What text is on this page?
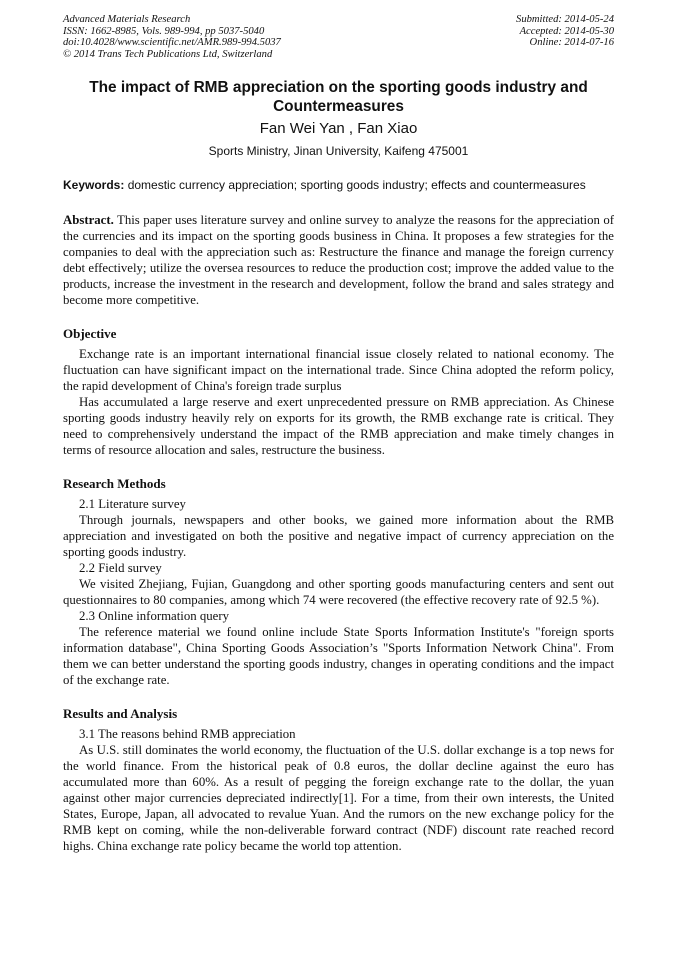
Advanced Materials Research
ISSN: 1662-8985, Vols. 989-994, pp 5037-5040
doi:10.4028/www.scientific.net/AMR.989-994.5037
© 2014 Trans Tech Publications Ltd, Switzerland
Submitted: 2014-05-24
Accepted: 2014-05-30
Online: 2014-07-16
The impact of RMB appreciation on the sporting goods industry and Countermeasures
Fan Wei Yan , Fan Xiao
Sports Ministry, Jinan University, Kaifeng 475001
Keywords: domestic currency appreciation; sporting goods industry; effects and countermeasures
Abstract. This paper uses literature survey and online survey to analyze the reasons for the appreciation of the currencies and its impact on the sporting goods business in China. It proposes a few strategies for the companies to deal with the appreciation such as: Restructure the finance and manage the foreign currency debt effectively; utilize the oversea resources to reduce the production cost; improve the added value to the products, increase the investment in the research and development, follow the brand and sales strategy and become more competitive.
Objective

Exchange rate is an important international financial issue closely related to national economy. The fluctuation can have significant impact on the international trade. Since China adopted the reform policy, the rapid development of China's foreign trade surplus

Has accumulated a large reserve and exert unprecedented pressure on RMB appreciation. As Chinese sporting goods industry heavily rely on exports for its growth, the RMB exchange rate is critical. They need to comprehensively understand the impact of the RMB appreciation and make timely changes in terms of resource allocation and sales, restructure the business.

Research Methods
2.1 Literature survey

Through journals, newspapers and other books, we gained more information about the RMB appreciation and investigated on both the positive and negative impact of currency appreciation on the sporting goods industry.

2.2 Field survey

We visited Zhejiang, Fujian, Guangdong and other sporting goods manufacturing centers and sent out questionnaires to 80 companies, among which 74 were recovered (the effective recovery rate of 92.5 %).

2.3 Online information query

The reference material we found online include State Sports Information Institute's "foreign sports information database", China Sporting Goods Association’s "Sports Information Network China". From them we can better understand the sporting goods industry, changes in operating conditions and the impact of the exchange rate.

Results and Analysis
3.1 The reasons behind RMB appreciation

As U.S. still dominates the world economy, the fluctuation of the U.S. dollar exchange is a top news for the world finance. From the historical peak of 0.8 euros, the dollar decline against the euro has accumulated more than 60%. As a result of pegging the foreign exchange rate to the dollar, the yuan against other major currencies depreciated indirectly[1]. For a time, from their own interests, the United States, Europe, Japan, all advocated to revalue Yuan. And the rumors on the new exchange policy for the RMB kept on coming, while the non-deliverable forward contract (NDF) discount rate reached record highs. China exchange rate policy became the world top attention.
